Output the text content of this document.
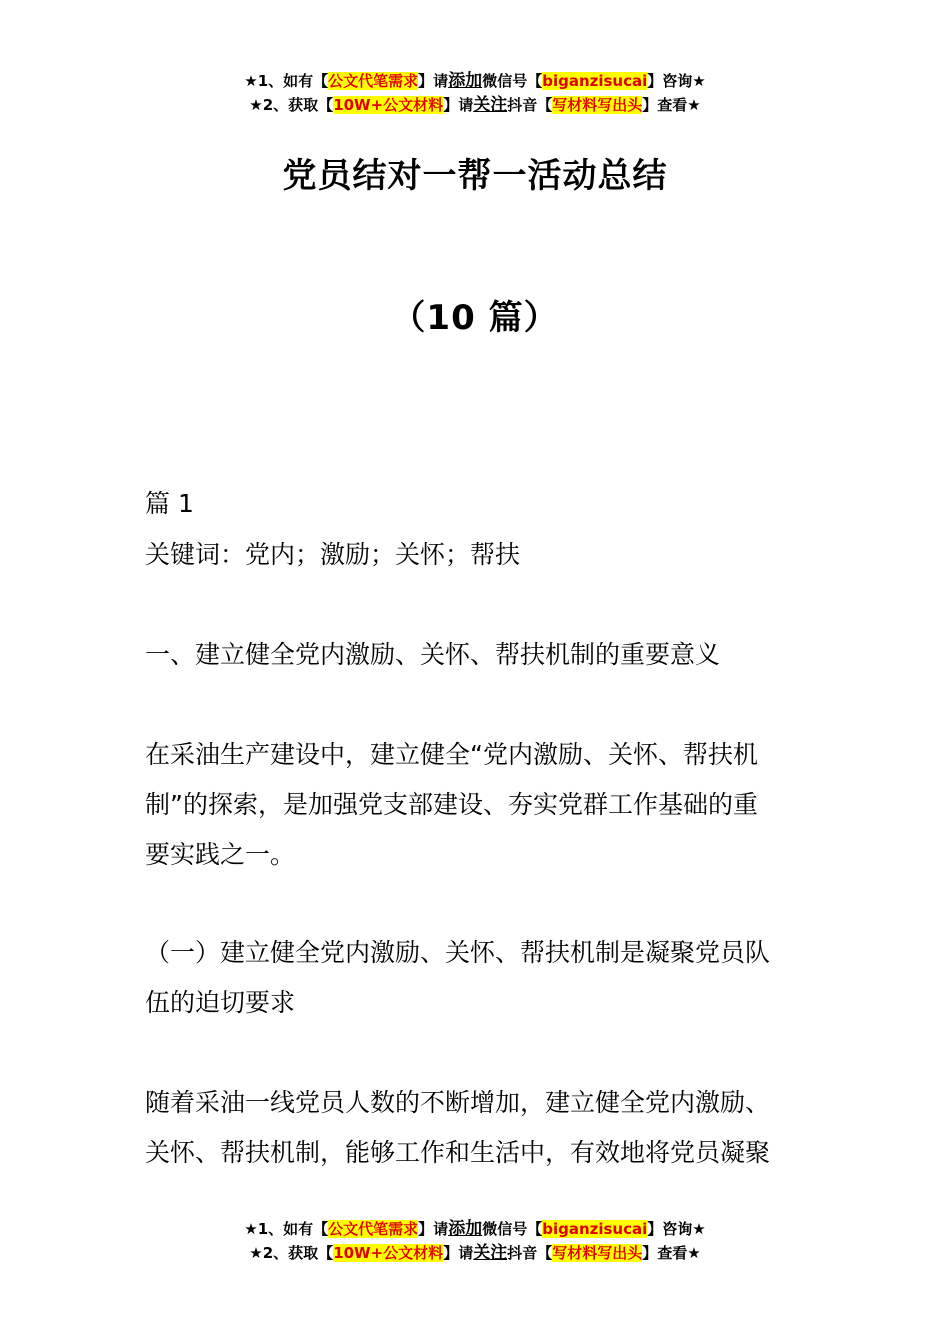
★1、如有【公文代笔需求】请添加微信号【biganzisucai】咨询★
★2、获取【10W+公文材料】请关注抖音【写材料写出头】查看★
党员结对一帮一活动总结
（10 篇）
篇 1
关键词：党内；激励；关怀；帮扶
一、建立健全党内激励、关怀、帮扶机制的重要意义
在采油生产建设中，建立健全“党内激励、关怀、帮扶机
制”的探索，是加强党支部建设、夯实党群工作基础的重
要实践之一。
（一）建立健全党内激励、关怀、帮扶机制是凝聚党员队
伍的迫切要求
随着采油一线党员人数的不断增加，建立健全党内激励、
关怀、帮扶机制，能够工作和生活中，有效地将党员凝聚
★1、如有【公文代笔需求】请添加微信号【biganzisucai】咨询★
★2、获取【10W+公文材料】请关注抖音【写材料写出头】查看★
